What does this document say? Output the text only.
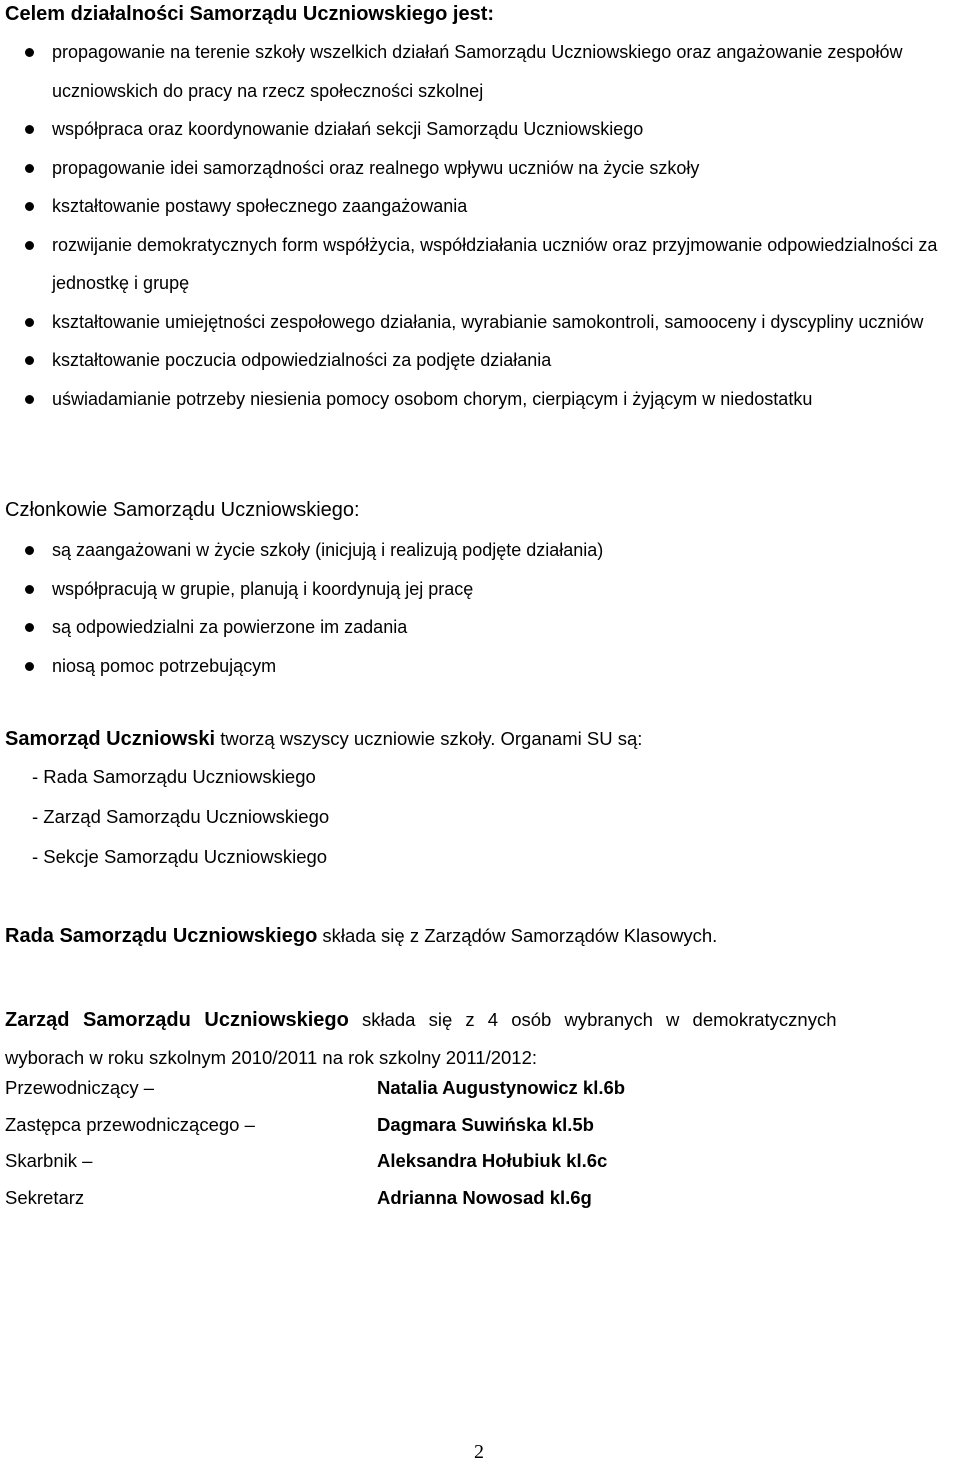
Celem działalności Samorządu Uczniowskiego jest:
propagowanie na terenie szkoły wszelkich działań Samorządu Uczniowskiego oraz angażowanie zespołów uczniowskich do pracy na rzecz społeczności szkolnej
współpraca oraz koordynowanie działań sekcji Samorządu Uczniowskiego
propagowanie idei samorządności oraz realnego wpływu uczniów na życie szkoły
kształtowanie postawy społecznego zaangażowania
rozwijanie demokratycznych form współżycia, współdziałania uczniów oraz przyjmowanie odpowiedzialności za jednostkę i grupę
kształtowanie umiejętności zespołowego działania, wyrabianie samokontroli, samooceny i dyscypliny uczniów
kształtowanie poczucia odpowiedzialności za podjęte działania
uświadamianie potrzeby niesienia pomocy osobom chorym, cierpiącym i żyjącym w niedostatku
Członkowie Samorządu Uczniowskiego:
są zaangażowani w życie szkoły (inicjują i realizują podjęte działania)
współpracują w grupie, planują i koordynują jej pracę
są odpowiedzialni za powierzone im zadania
niosą pomoc potrzebującym

Samorząd Uczniowski tworzą wszyscy uczniowie szkoły. Organami SU są:

- Rada Samorządu Uczniowskiego

- Zarząd Samorządu Uczniowskiego

- Sekcje Samorządu Uczniowskiego

Rada Samorządu Uczniowskiego składa się z Zarządów Samorządów Klasowych.

Zarząd Samorządu Uczniowskiego składa się z 4 osób wybranych w demokratycznych
wyborach w roku szkolnym 2010/2011 na rok szkolny 2011/2012:

Przewodniczący –	Natalia Augustynowicz kl.6b
Zastępca przewodniczącego –	Dagmara Suwińska kl.5b
Skarbnik –	Aleksandra Hołubiuk kl.6c
Sekretarz	Adrianna Nowosad kl.6g
2
